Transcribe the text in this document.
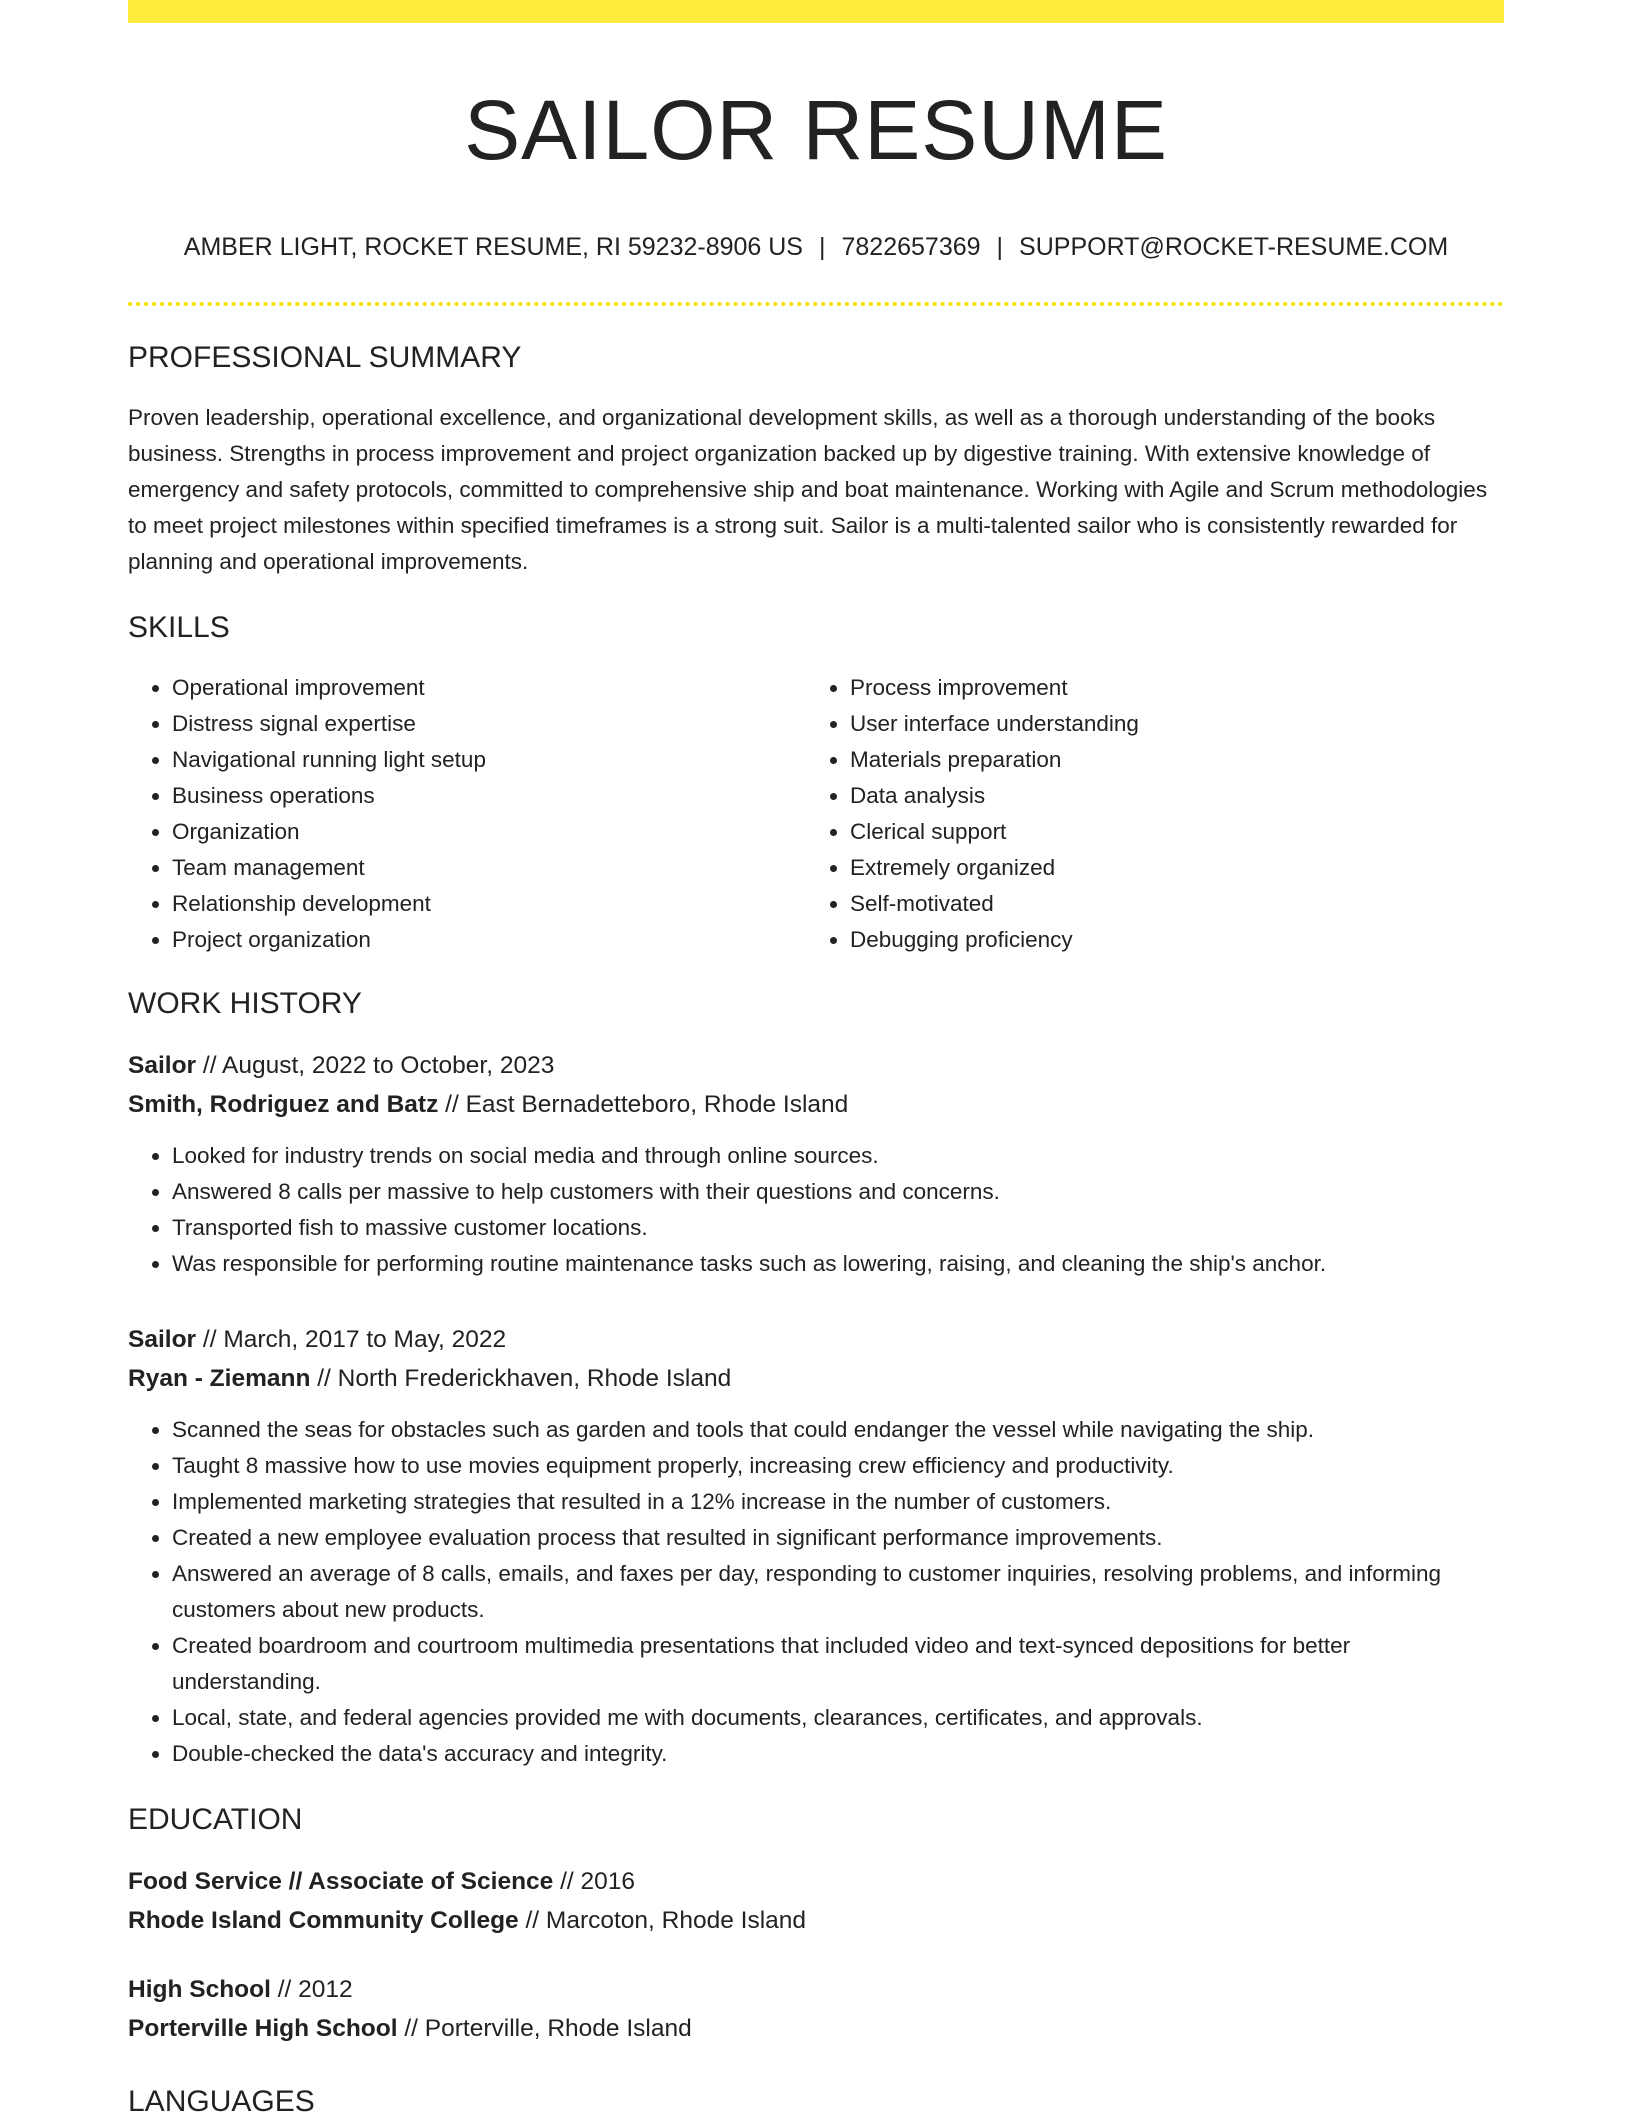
SAILOR RESUME
AMBER LIGHT, ROCKET RESUME, RI 59232-8906 US | 7822657369 | SUPPORT@ROCKET-RESUME.COM
PROFESSIONAL SUMMARY

Proven leadership, operational excellence, and organizational development skills, as well as a thorough understanding of the books business. Strengths in process improvement and project organization backed up by digestive training. With extensive knowledge of emergency and safety protocols, committed to comprehensive ship and boat maintenance. Working with Agile and Scrum methodologies to meet project milestones within specified timeframes is a strong suit. Sailor is a multi-talented sailor who is consistently rewarded for planning and operational improvements.

SKILLS
• Operational improvement
• Distress signal expertise
• Navigational running light setup
• Business operations
• Organization
• Team management
• Relationship development
• Project organization
• Process improvement
• User interface understanding
• Materials preparation
• Data analysis
• Clerical support
• Extremely organized
• Self-motivated
• Debugging proficiency
WORK HISTORY
Sailor // August, 2022 to October, 2023
Smith, Rodriguez and Batz // East Bernadetteboro, Rhode Island
• Looked for industry trends on social media and through online sources.
• Answered 8 calls per massive to help customers with their questions and concerns.
• Transported fish to massive customer locations.
• Was responsible for performing routine maintenance tasks such as lowering, raising, and cleaning the ship's anchor.
Sailor // March, 2017 to May, 2022
Ryan - Ziemann // North Frederickhaven, Rhode Island
• Scanned the seas for obstacles such as garden and tools that could endanger the vessel while navigating the ship.
• Taught 8 massive how to use movies equipment properly, increasing crew efficiency and productivity.
• Implemented marketing strategies that resulted in a 12% increase in the number of customers.
• Created a new employee evaluation process that resulted in significant performance improvements.
• Answered an average of 8 calls, emails, and faxes per day, responding to customer inquiries, resolving problems, and informing customers about new products.
• Created boardroom and courtroom multimedia presentations that included video and text-synced depositions for better understanding.
• Local, state, and federal agencies provided me with documents, clearances, certificates, and approvals.
• Double-checked the data's accuracy and integrity.
EDUCATION
Food Service // Associate of Science // 2016
Rhode Island Community College // Marcoton, Rhode Island
High School // 2012
Porterville High School // Porterville, Rhode Island
LANGUAGES
